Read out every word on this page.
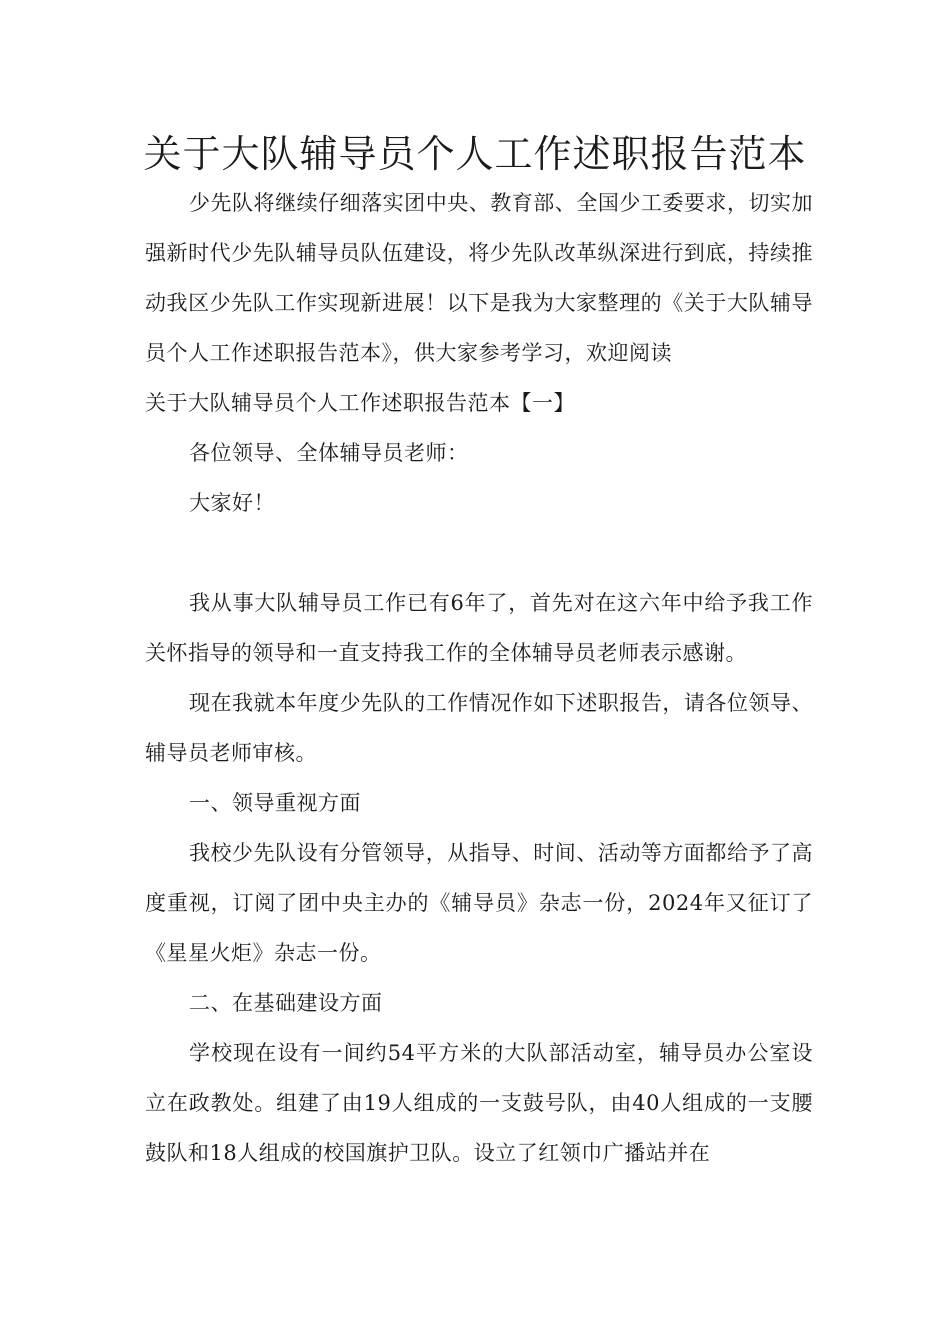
关于大队辅导员个人工作述职报告范本

少先队将继续仔细落实团中央、教育部、全国少工委要求，切实加强新时代少先队辅导员队伍建设，将少先队改革纵深进行到底，持续推动我区少先队工作实现新进展！以下是我为大家整理的《关于大队辅导员个人工作述职报告范本》，供大家参考学习，欢迎阅读

关于大队辅导员个人工作述职报告范本【一】

各位领导、全体辅导员老师：

大家好！

我从事大队辅导员工作已有6年了，首先对在这六年中给予我工作关怀指导的领导和一直支持我工作的全体辅导员老师表示感谢。

现在我就本年度少先队的工作情况作如下述职报告，请各位领导、辅导员老师审核。

一、领导重视方面

我校少先队设有分管领导，从指导、时间、活动等方面都给予了高度重视，订阅了团中央主办的《辅导员》杂志一份，2024年又征订了《星星火炬》杂志一份。

二、在基础建设方面

学校现在设有一间约54平方米的大队部活动室，辅导员办公室设立在政教处。组建了由19人组成的一支鼓号队，由40人组成的一支腰鼓队和18人组成的校国旗护卫队。设立了红领巾广播站并在
